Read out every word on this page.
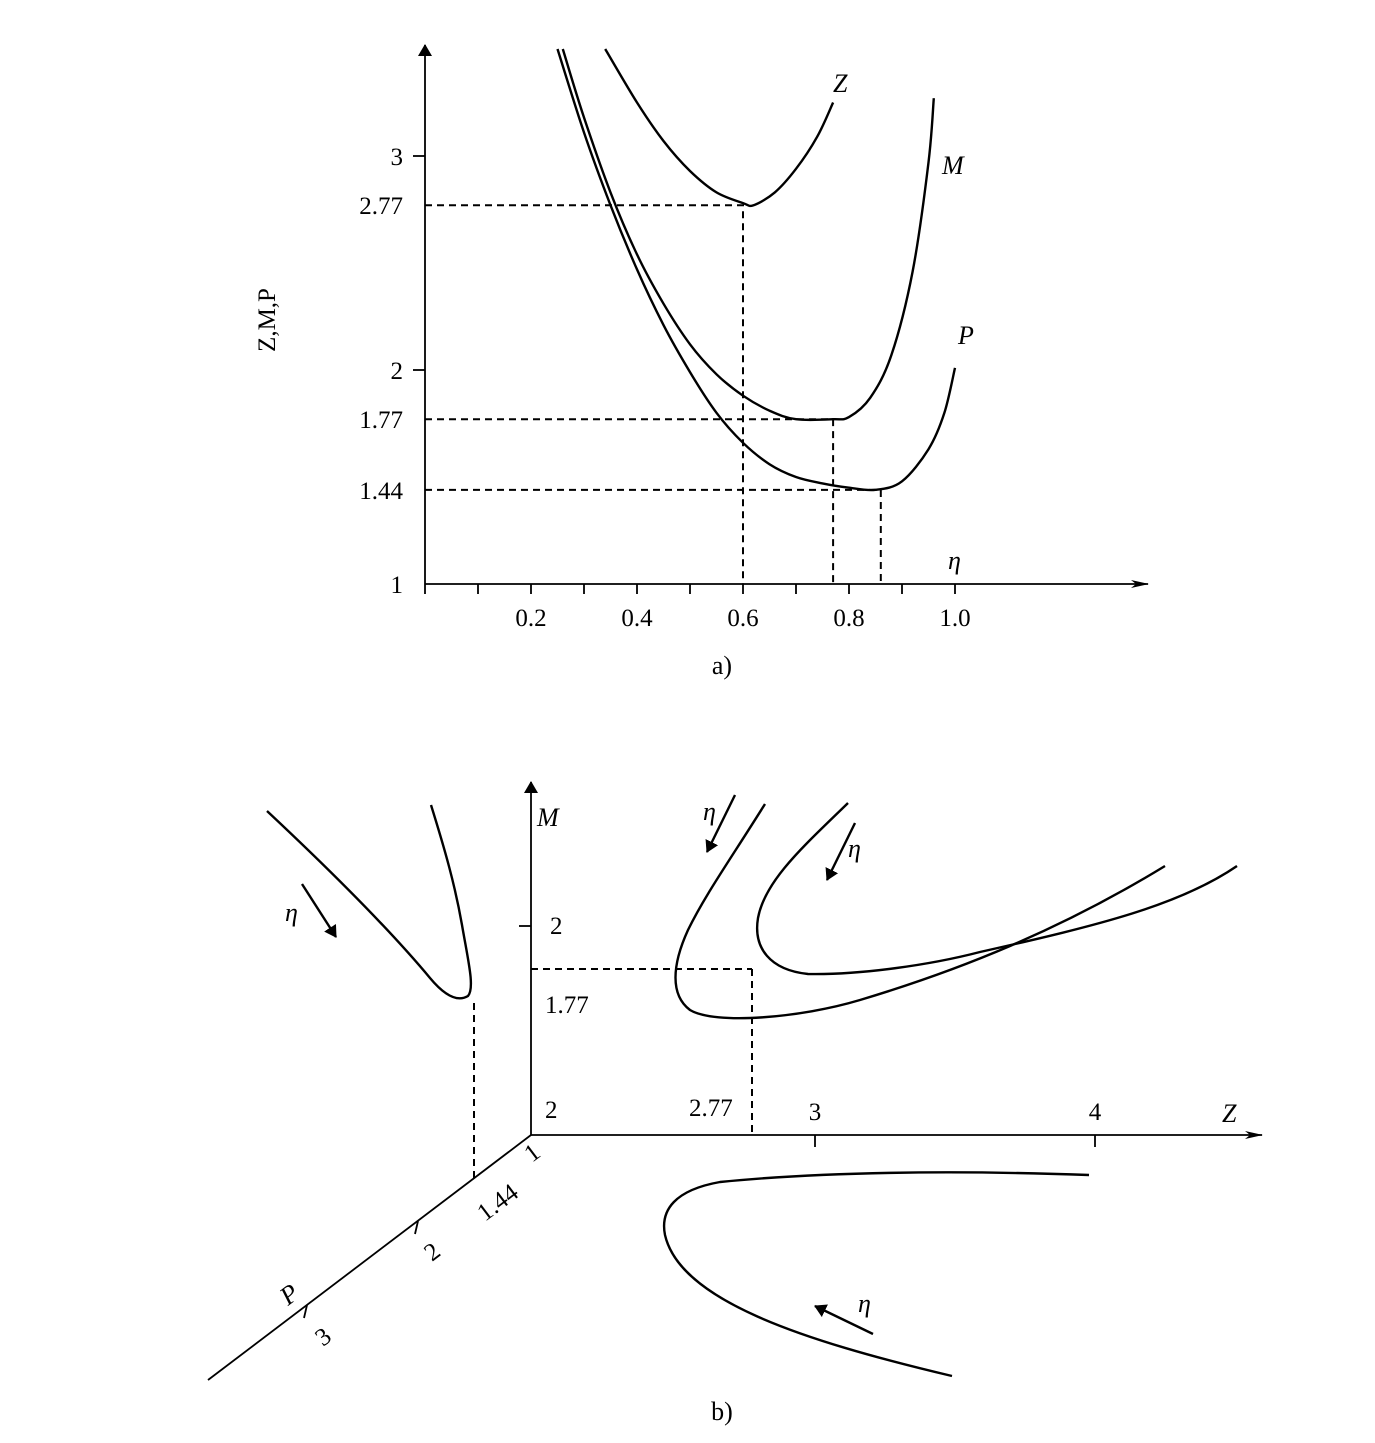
0.2	0.4	0.6	0.8	1.0
1
2
3
Z
M
P
2.77
1.77
1.44
η
Z,M,P
a)
2	3	4	Z
2
1.77
M
1
1.44
2
3
P
2.77
η
η
η
η
b)
